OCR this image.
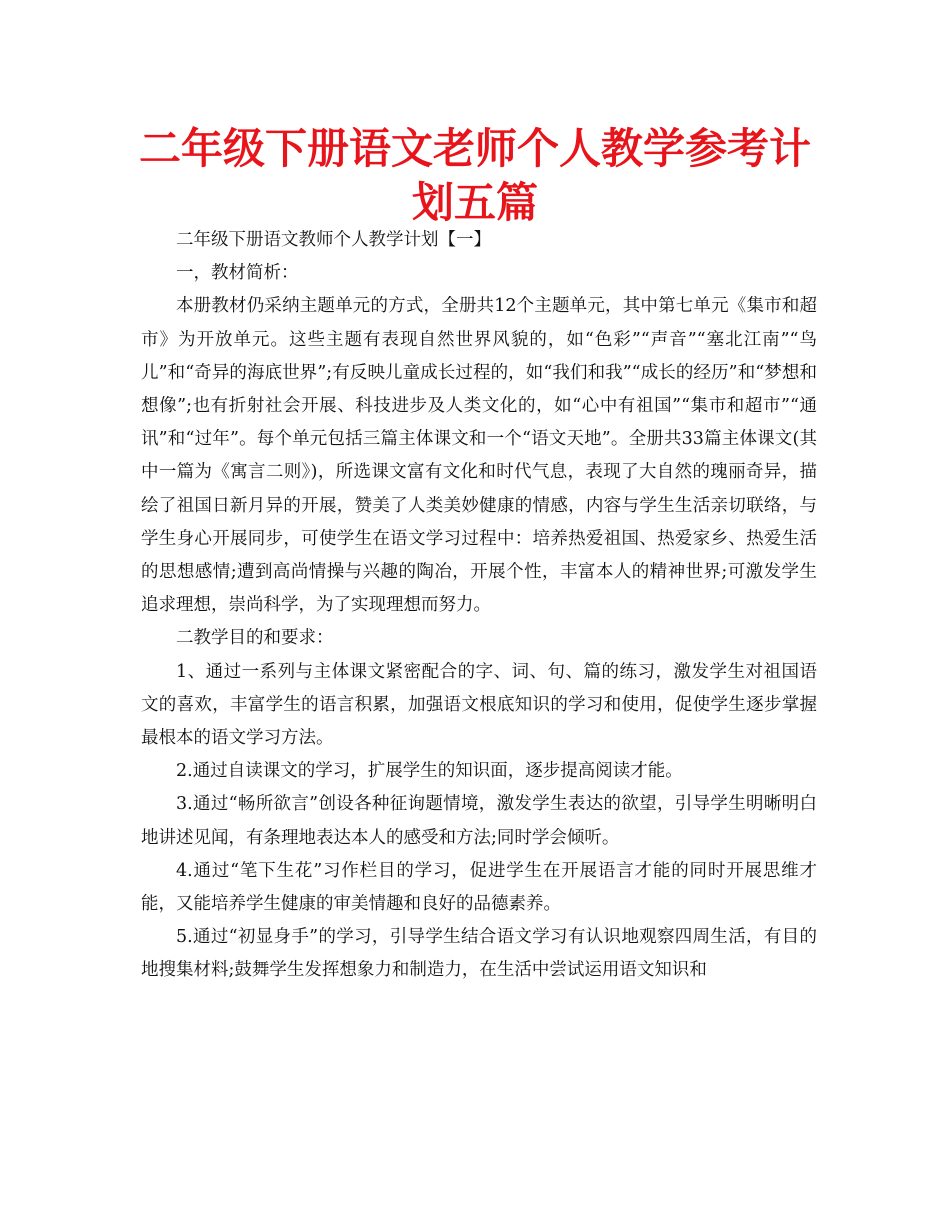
二年级下册语文老师个人教学参考计划五篇

二年级下册语文教师个人教学计划【一】

一，教材简析：

本册教材仍采纳主题单元的方式，全册共12个主题单元，其中第七单元《集市和超市》为开放单元。这些主题有表现自然世界风貌的，如“色彩”“声音”“塞北江南”“鸟儿”和“奇异的海底世界”;有反映儿童成长过程的，如“我们和我”“成长的经历”和“梦想和想像”;也有折射社会开展、科技进步及人类文化的，如“心中有祖国”“集市和超市”“通讯”和“过年”。每个单元包括三篇主体课文和一个“语文天地”。全册共33篇主体课文(其中一篇为《寓言二则》)，所选课文富有文化和时代气息，表现了大自然的瑰丽奇异，描绘了祖国日新月异的开展，赞美了人类美妙健康的情感，内容与学生生活亲切联络，与学生身心开展同步，可使学生在语文学习过程中：培养热爱祖国、热爱家乡、热爱生活的思想感情;遭到高尚情操与兴趣的陶冶，开展个性，丰富本人的精神世界;可激发学生追求理想，崇尚科学，为了实现理想而努力。

二教学目的和要求：

1、通过一系列与主体课文紧密配合的字、词、句、篇的练习，激发学生对祖国语文的喜欢，丰富学生的语言积累，加强语文根底知识的学习和使用，促使学生逐步掌握最根本的语文学习方法。

2.通过自读课文的学习，扩展学生的知识面，逐步提高阅读才能。

3.通过“畅所欲言”创设各种征询题情境，激发学生表达的欲望，引导学生明晰明白地讲述见闻，有条理地表达本人的感受和方法;同时学会倾听。

4.通过“笔下生花”习作栏目的学习，促进学生在开展语言才能的同时开展思维才能，又能培养学生健康的审美情趣和良好的品德素养。

5.通过“初显身手”的学习，引导学生结合语文学习有认识地观察四周生活，有目的地搜集材料;鼓舞学生发挥想象力和制造力，在生活中尝试运用语文知识和
